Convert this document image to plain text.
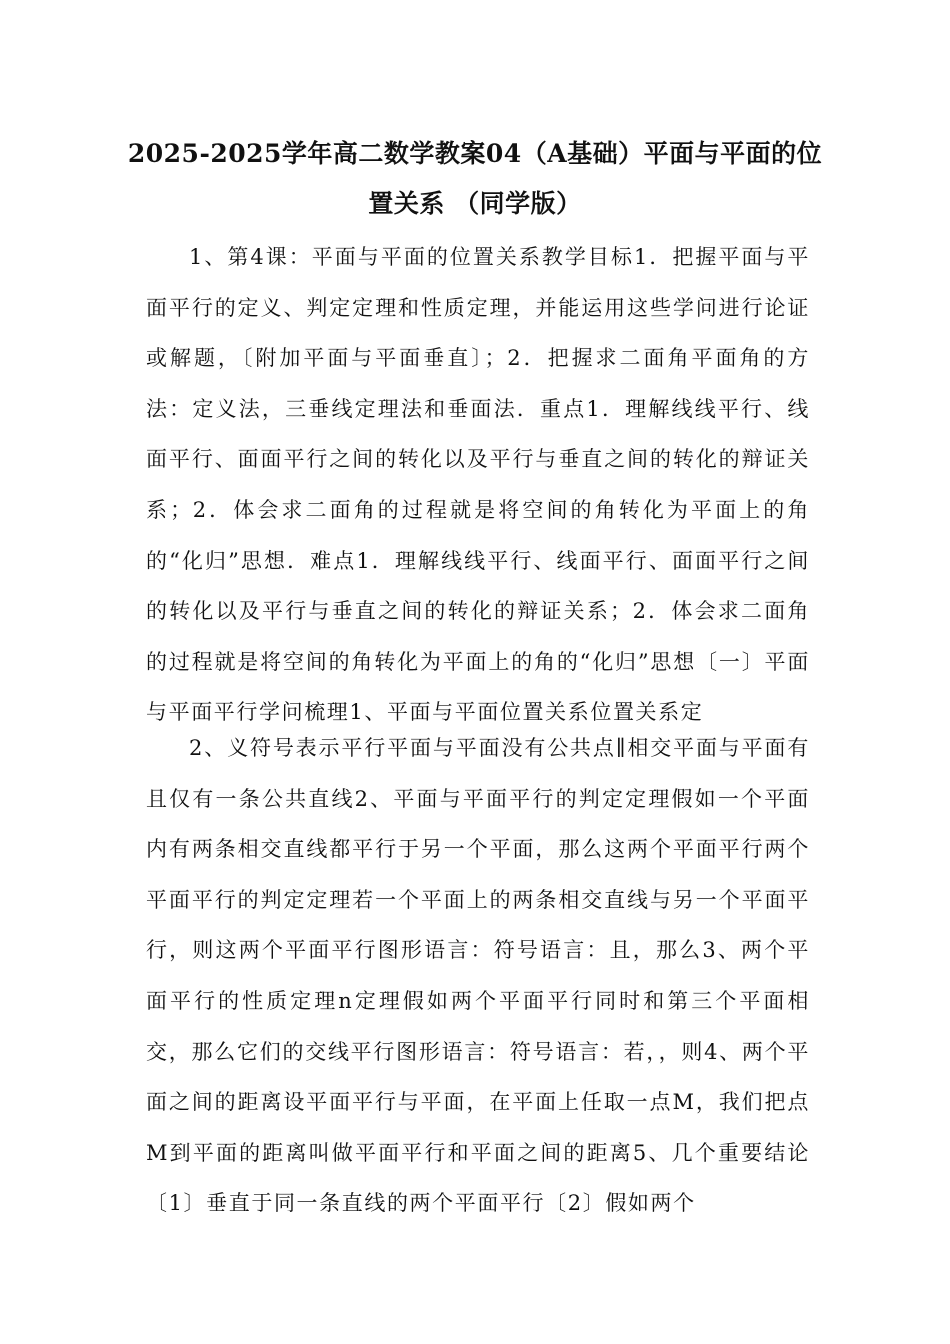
2025-2025学年高二数学教案04（A基础）平面与平面的位
置关系 （同学版）

1、第4课：平面与平面的位置关系教学目标1．把握平面与平面平行的定义、判定定理和性质定理，并能运用这些学问进行论证或解题，〔附加平面与平面垂直〕；2．把握求二面角平面角的方法：定义法，三垂线定理法和垂面法．重点1．理解线线平行、线面平行、面面平行之间的转化以及平行与垂直之间的转化的辩证关系；2．体会求二面角的过程就是将空间的角转化为平面上的角的“化归”思想．难点1．理解线线平行、线面平行、面面平行之间的转化以及平行与垂直之间的转化的辩证关系；2．体会求二面角的过程就是将空间的角转化为平面上的角的“化归”思想〔一〕平面与平面平行学问梳理1、平面与平面位置关系位置关系定

2、义符号表示平行平面与平面没有公共点∥相交平面与平面有且仅有一条公共直线2、平面与平面平行的判定定理假如一个平面内有两条相交直线都平行于另一个平面，那么这两个平面平行两个平面平行的判定定理若一个平面上的两条相交直线与另一个平面平行，则这两个平面平行图形语言：符号语言：且，那么3、两个平面平行的性质定理n定理假如两个平面平行同时和第三个平面相交，那么它们的交线平行图形语言：符号语言：若，，则4、两个平面之间的距离设平面平行与平面，在平面上任取一点M，我们把点M到平面的距离叫做平面平行和平面之间的距离5、几个重要结论〔1〕垂直于同一条直线的两个平面平行〔2〕假如两个
